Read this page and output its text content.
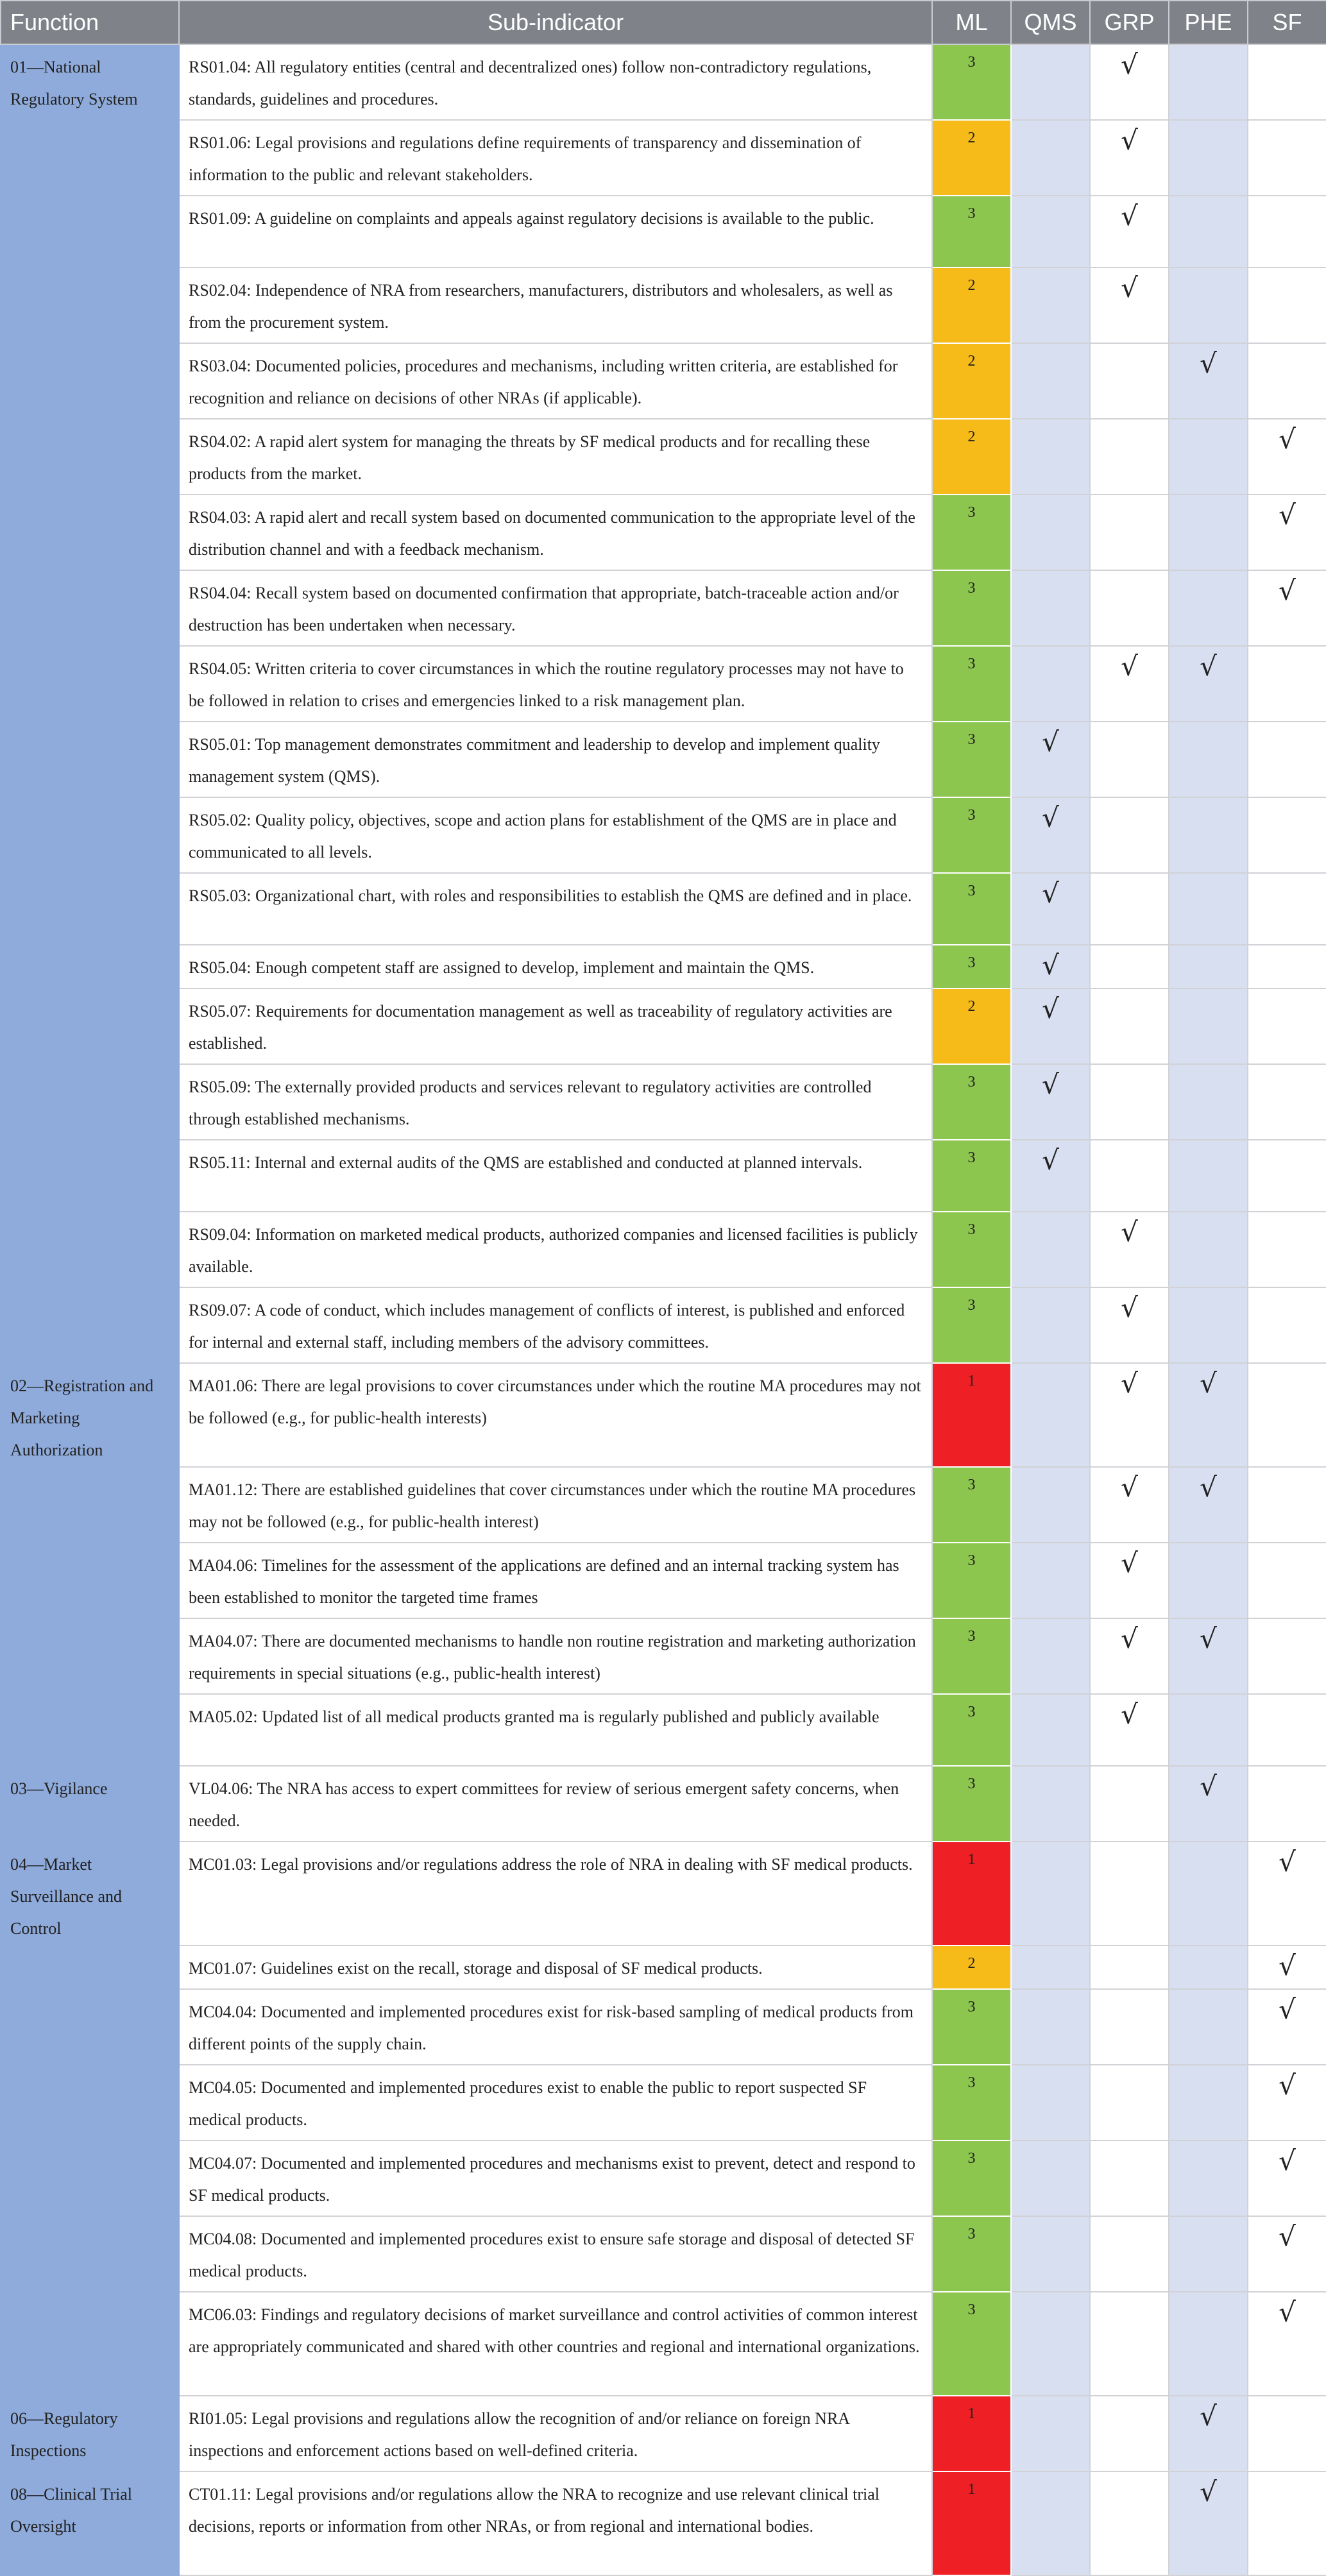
Function	Sub-indicator	ML	QMS	GRP	PHE	SF
01—National Regulatory System	RS01.04: All regulatory entities (central and decentralized ones) follow non-contradictory regulations, standards, guidelines and procedures.	3		√		
	RS01.06: Legal provisions and regulations define requirements of transparency and dissemination of information to the public and relevant stakeholders.	2		√		
	RS01.09: A guideline on complaints and appeals against regulatory decisions is available to the public.	3		√		
	RS02.04: Independence of NRA from researchers, manufacturers, distributors and wholesalers, as well as from the procurement system.	2		√		
	RS03.04: Documented policies, procedures and mechanisms, including written criteria, are established for recognition and reliance on decisions of other NRAs (if applicable).	2			√	
	RS04.02: A rapid alert system for managing the threats by SF medical products and for recalling these products from the market.	2				√
	RS04.03: A rapid alert and recall system based on documented communication to the appropriate level of the distribution channel and with a feedback mechanism.	3				√
	RS04.04: Recall system based on documented confirmation that appropriate, batch-traceable action and/or destruction has been undertaken when necessary.	3				√
	RS04.05: Written criteria to cover circumstances in which the routine regulatory processes may not have to be followed in relation to crises and emergencies linked to a risk management plan.	3		√	√	
	RS05.01: Top management demonstrates commitment and leadership to develop and implement quality management system (QMS).	3	√			
	RS05.02: Quality policy, objectives, scope and action plans for establishment of the QMS are in place and communicated to all levels.	3	√			
	RS05.03: Organizational chart, with roles and responsibilities to establish the QMS are defined and in place.	3	√			
	RS05.04: Enough competent staff are assigned to develop, implement and maintain the QMS.	3	√			
	RS05.07: Requirements for documentation management as well as traceability of regulatory activities are established.	2	√			
	RS05.09: The externally provided products and services relevant to regulatory activities are controlled through established mechanisms.	3	√			
	RS05.11: Internal and external audits of the QMS are established and conducted at planned intervals.	3	√			
	RS09.04: Information on marketed medical products, authorized companies and licensed facilities is publicly available.	3		√		
	RS09.07: A code of conduct, which includes management of conflicts of interest, is published and enforced for internal and external staff, including members of the advisory committees.	3		√		
02—Registration and Marketing Authorization	MA01.06: There are legal provisions to cover circumstances under which the routine MA procedures may not be followed (e.g., for public-health interests)	1		√	√	
	MA01.12: There are established guidelines that cover circumstances under which the routine MA procedures may not be followed (e.g., for public-health interest)	3		√	√	
	MA04.06: Timelines for the assessment of the applications are defined and an internal tracking system has been established to monitor the targeted time frames	3		√		
	MA04.07: There are documented mechanisms to handle non routine registration and marketing authorization requirements in special situations (e.g., public-health interest)	3		√	√	
	MA05.02: Updated list of all medical products granted ma is regularly published and publicly available	3		√		
03—Vigilance	VL04.06: The NRA has access to expert committees for review of serious emergent safety concerns, when needed.	3			√	
04—Market Surveillance and Control	MC01.03: Legal provisions and/or regulations address the role of NRA in dealing with SF medical products.	1				√
	MC01.07: Guidelines exist on the recall, storage and disposal of SF medical products.	2				√
	MC04.04: Documented and implemented procedures exist for risk-based sampling of medical products from different points of the supply chain.	3				√
	MC04.05: Documented and implemented procedures exist to enable the public to report suspected SF medical products.	3				√
	MC04.07: Documented and implemented procedures and mechanisms exist to prevent, detect and respond to SF medical products.	3				√
	MC04.08: Documented and implemented procedures exist to ensure safe storage and disposal of detected SF medical products.	3				√
	MC06.03: Findings and regulatory decisions of market surveillance and control activities of common interest are appropriately communicated and shared with other countries and regional and international organizations.	3				√
06—Regulatory Inspections	RI01.05: Legal provisions and regulations allow the recognition of and/or reliance on foreign NRA inspections and enforcement actions based on well-defined criteria.	1			√	
08—Clinical Trial Oversight	CT01.11: Legal provisions and/or regulations allow the NRA to recognize and use relevant clinical trial decisions, reports or information from other NRAs, or from regional and international bodies.	1			√	
